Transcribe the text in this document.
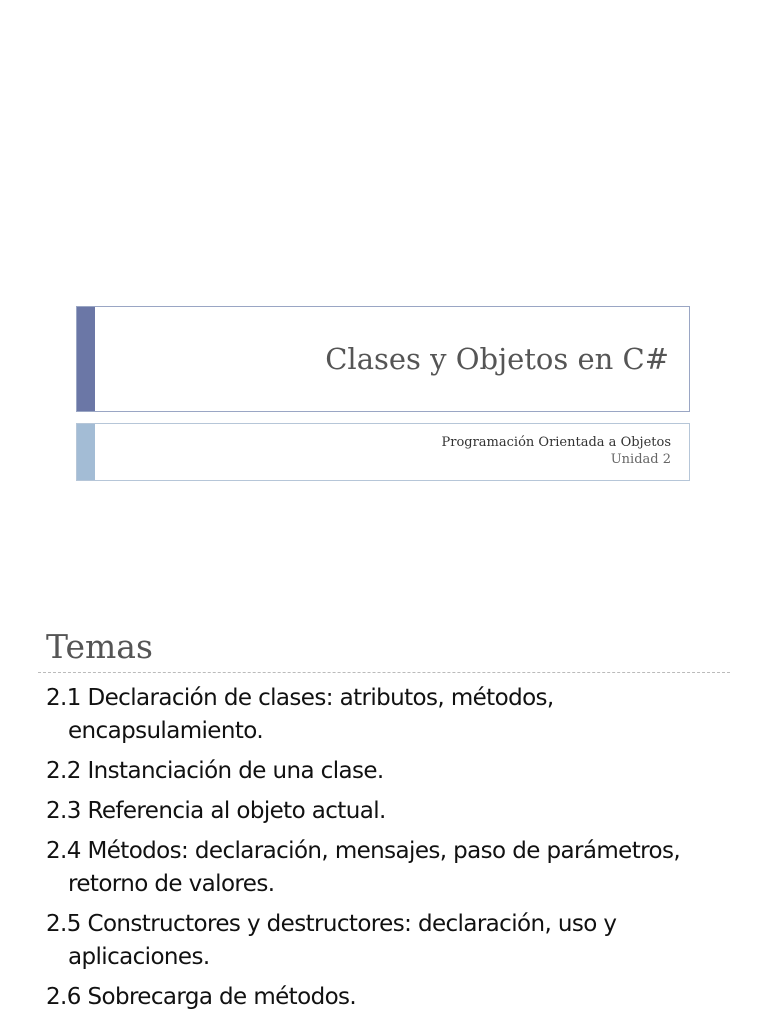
Clases y Objetos en C#
Programación Orientada a Objetos
Unidad 2
Temas
2.1 Declaración de clases: atributos, métodos, encapsulamiento.
2.2 Instanciación de una clase.
2.3 Referencia al objeto actual.
2.4 Métodos: declaración, mensajes, paso de parámetros, retorno de valores.
2.5 Constructores y destructores: declaración, uso y aplicaciones.
2.6 Sobrecarga de métodos.
